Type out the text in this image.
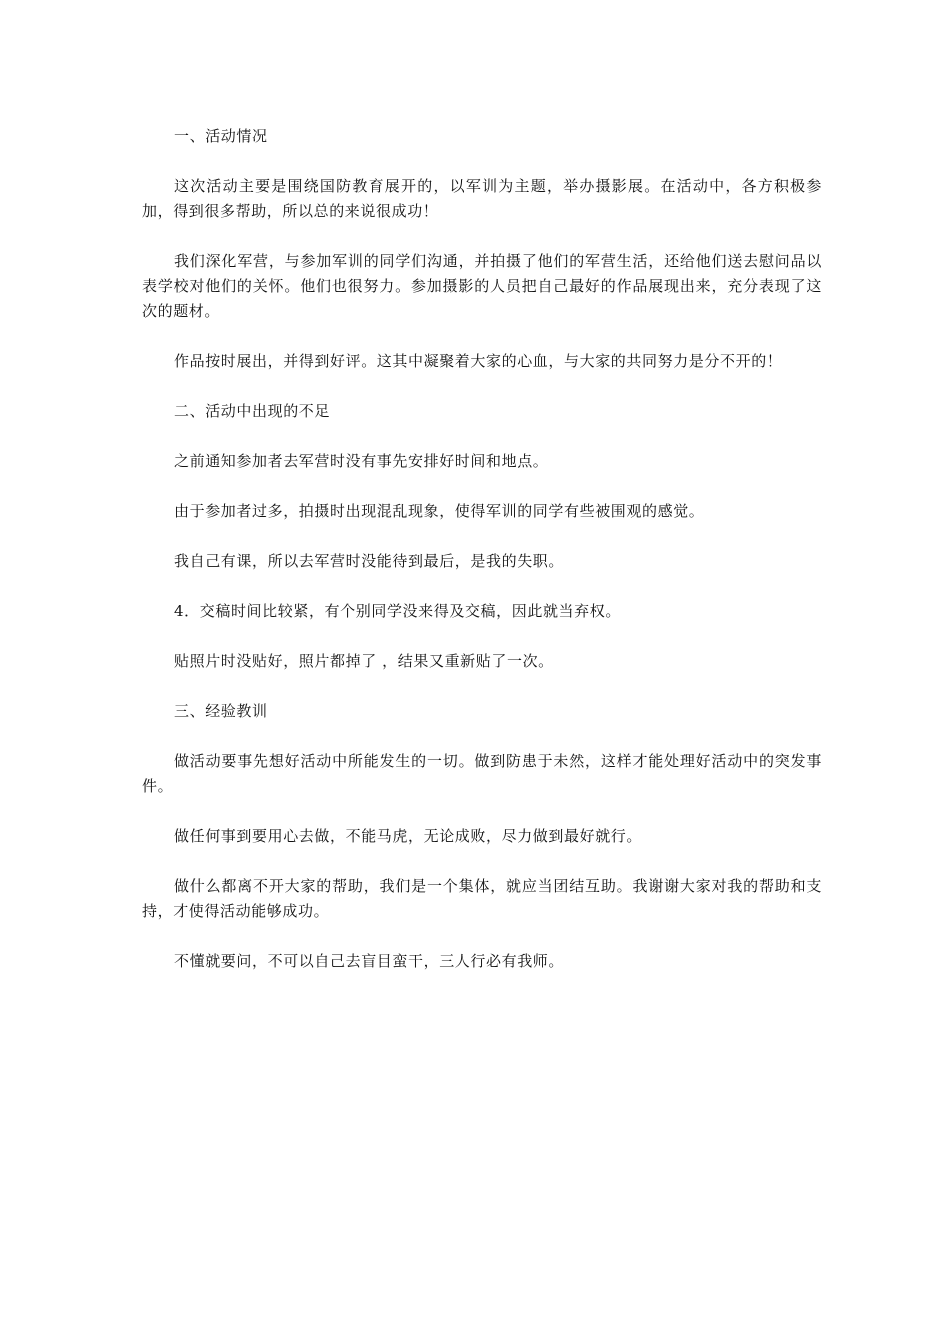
一、活动情况

这次活动主要是围绕国防教育展开的，以军训为主题，举办摄影展。在活动中，各方积极参加，得到很多帮助，所以总的来说很成功！

我们深化军营，与参加军训的同学们沟通，并拍摄了他们的军营生活，还给他们送去慰问品以表学校对他们的关怀。他们也很努力。参加摄影的人员把自己最好的作品展现出来，充分表现了这次的题材。

作品按时展出，并得到好评。这其中凝聚着大家的心血，与大家的共同努力是分不开的！

二、活动中出现的不足

之前通知参加者去军营时没有事先安排好时间和地点。

由于参加者过多，拍摄时出现混乱现象，使得军训的同学有些被围观的感觉。

我自己有课，所以去军营时没能待到最后，是我的失职。

4．交稿时间比较紧，有个别同学没来得及交稿，因此就当弃权。

贴照片时没贴好，照片都掉了 ，结果又重新贴了一次。

三、经验教训

做活动要事先想好活动中所能发生的一切。做到防患于未然，这样才能处理好活动中的突发事件。

做任何事到要用心去做，不能马虎，无论成败，尽力做到最好就行。

做什么都离不开大家的帮助，我们是一个集体，就应当团结互助。我谢谢大家对我的帮助和支持，才使得活动能够成功。

不懂就要问，不可以自己去盲目蛮干，三人行必有我师。
